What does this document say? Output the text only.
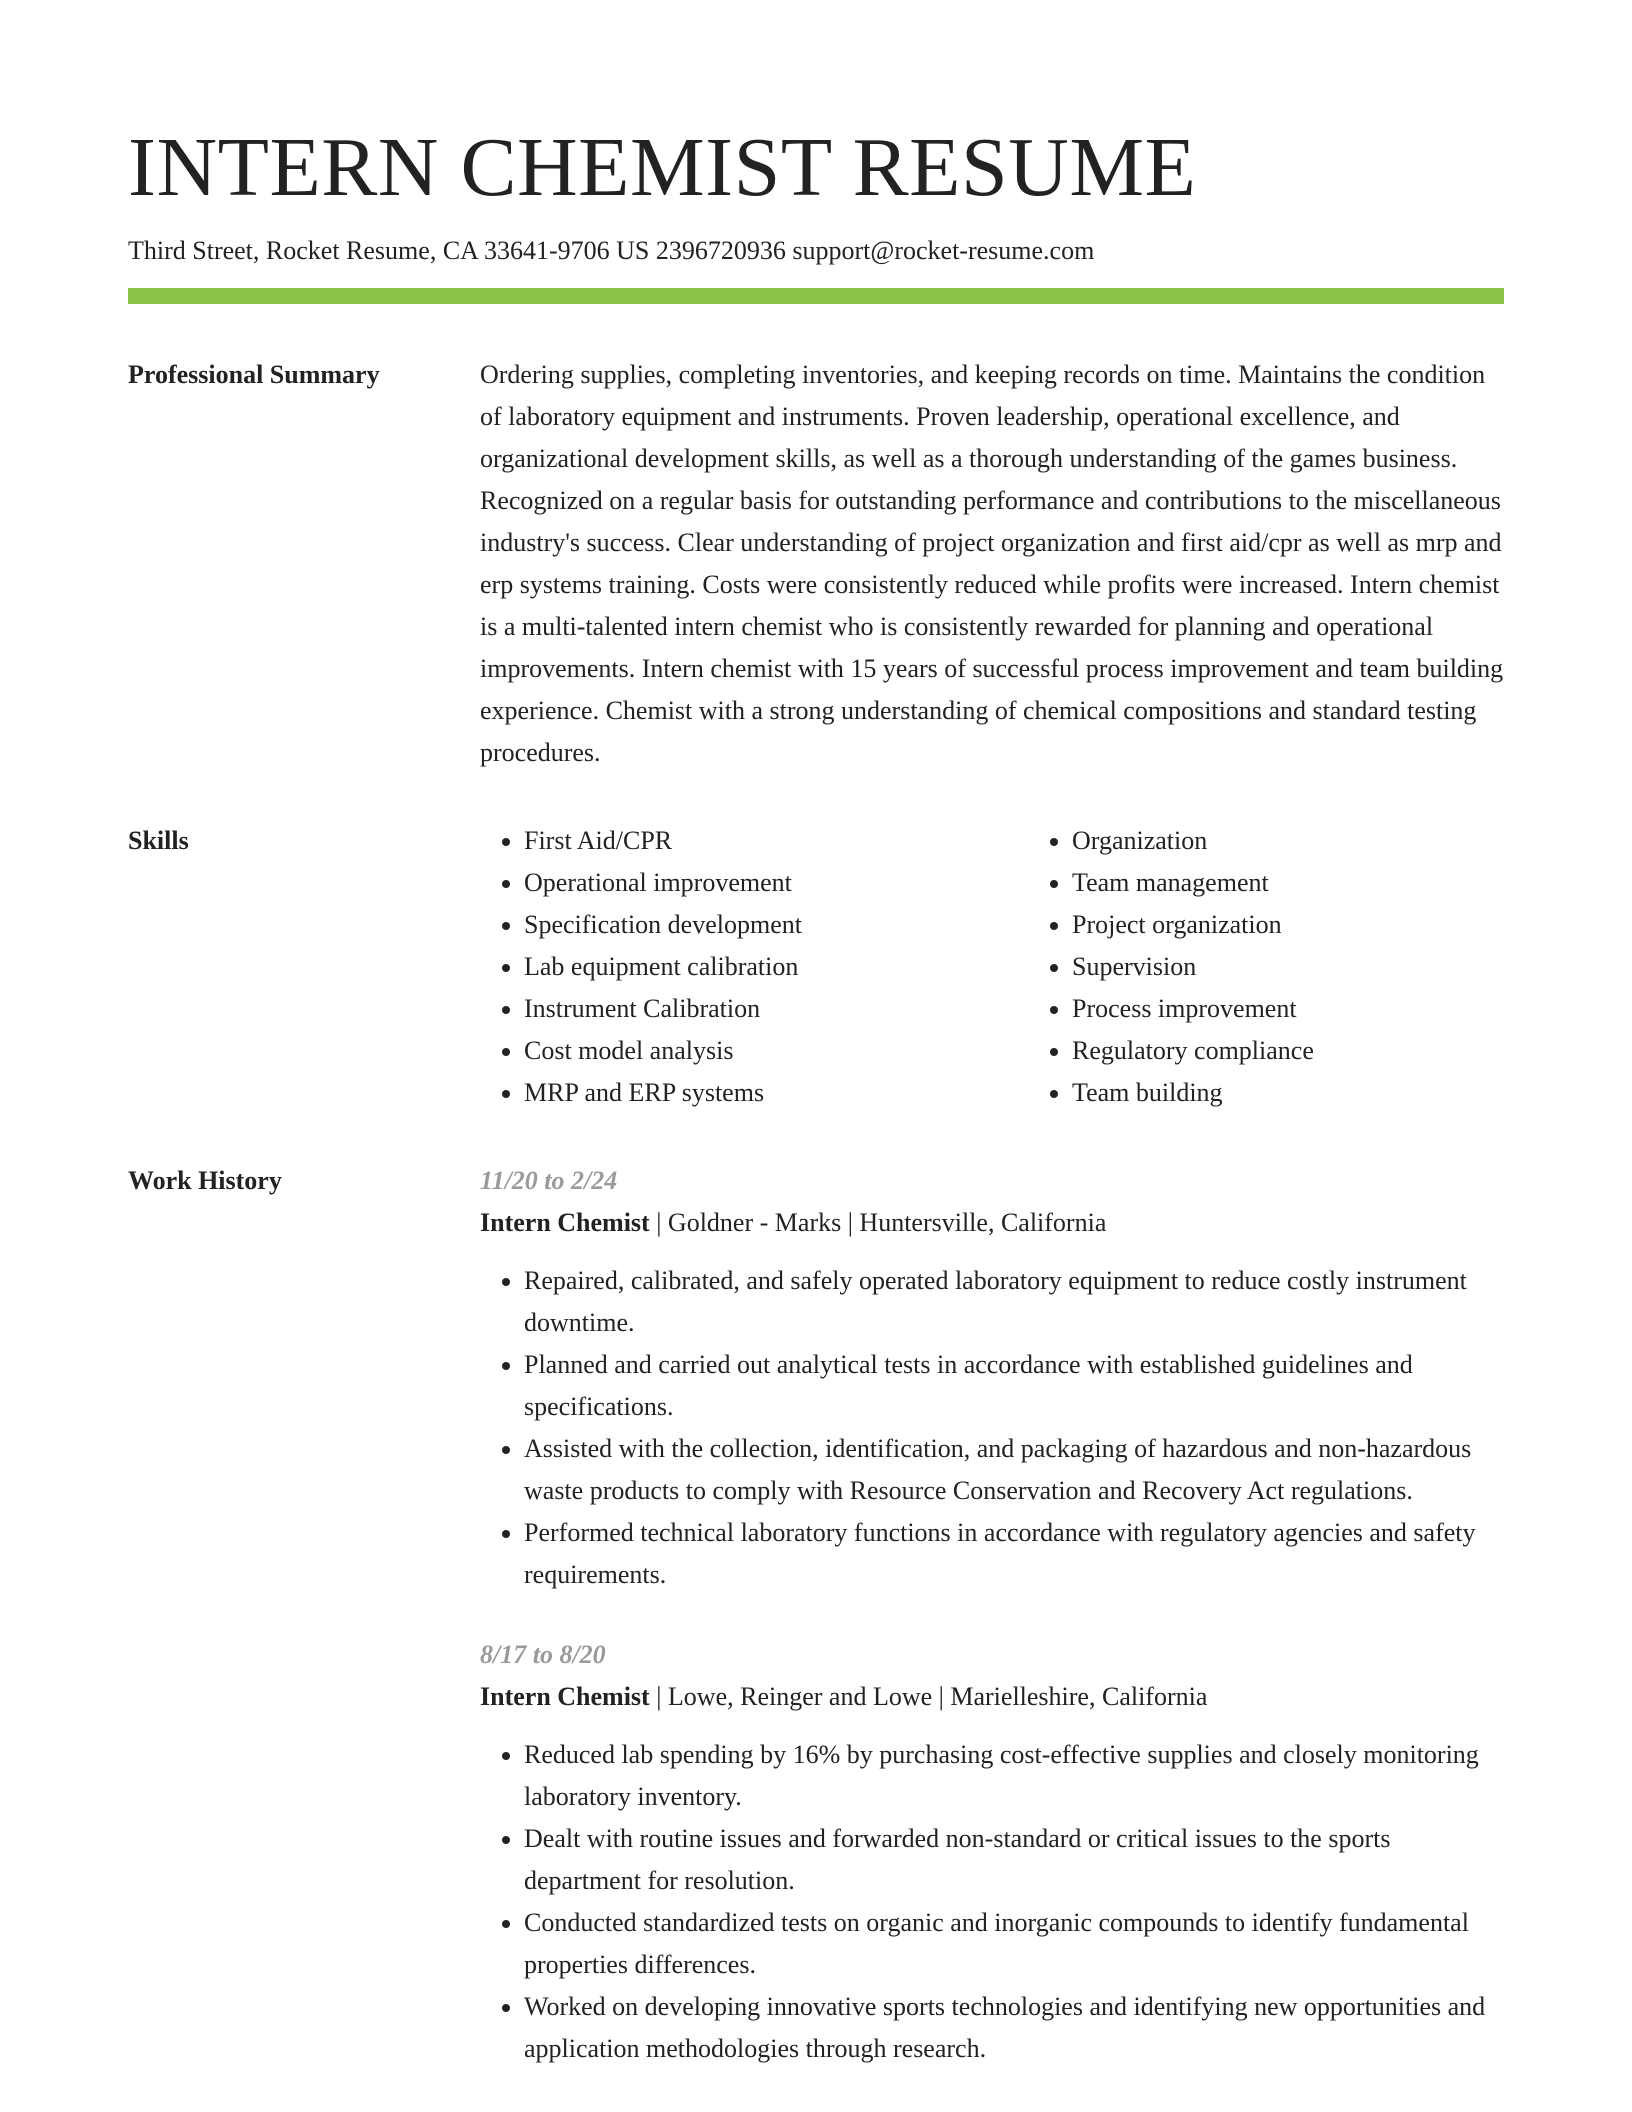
INTERN CHEMIST RESUME
Third Street, Rocket Resume, CA 33641-9706 US 2396720936 support@rocket-resume.com
Professional Summary	Ordering supplies, completing inventories, and keeping records on time. Maintains the condition of laboratory equipment and instruments. Proven leadership, operational excellence, and organizational development skills, as well as a thorough understanding of the games business. Recognized on a regular basis for outstanding performance and contributions to the miscellaneous industry's success. Clear understanding of project organization and first aid/cpr as well as mrp and erp systems training. Costs were consistently reduced while profits were increased. Intern chemist is a multi-talented intern chemist who is consistently rewarded for planning and operational improvements. Intern chemist with 15 years of successful process improvement and team building experience. Chemist with a strong understanding of chemical compositions and standard testing procedures.

Skills
•	First Aid/CPR
• Operational improvement
• Specification development
• Lab equipment calibration
• Instrument Calibration
• Cost model analysis
• MRP and ERP systems
• Organization
• Team management
• Project organization
• Supervision
• Process improvement
• Regulatory compliance
• Team building
Work History	11/20 to 2/24
Intern Chemist | Goldner - Marks | Huntersville, California
• Repaired, calibrated, and safely operated laboratory equipment to reduce costly instrument downtime.
• Planned and carried out analytical tests in accordance with established guidelines and specifications.
• Assisted with the collection, identification, and packaging of hazardous and non-hazardous waste products to comply with Resource Conservation and Recovery Act regulations.
• Performed technical laboratory functions in accordance with regulatory agencies and safety requirements.
8/17 to 8/20
Intern Chemist | Lowe, Reinger and Lowe | Marielleshire, California
• Reduced lab spending by 16% by purchasing cost-effective supplies and closely monitoring laboratory inventory.
• Dealt with routine issues and forwarded non-standard or critical issues to the sports department for resolution.
• Conducted standardized tests on organic and inorganic compounds to identify fundamental properties differences.
• Worked on developing innovative sports technologies and identifying new opportunities and application methodologies through research.
